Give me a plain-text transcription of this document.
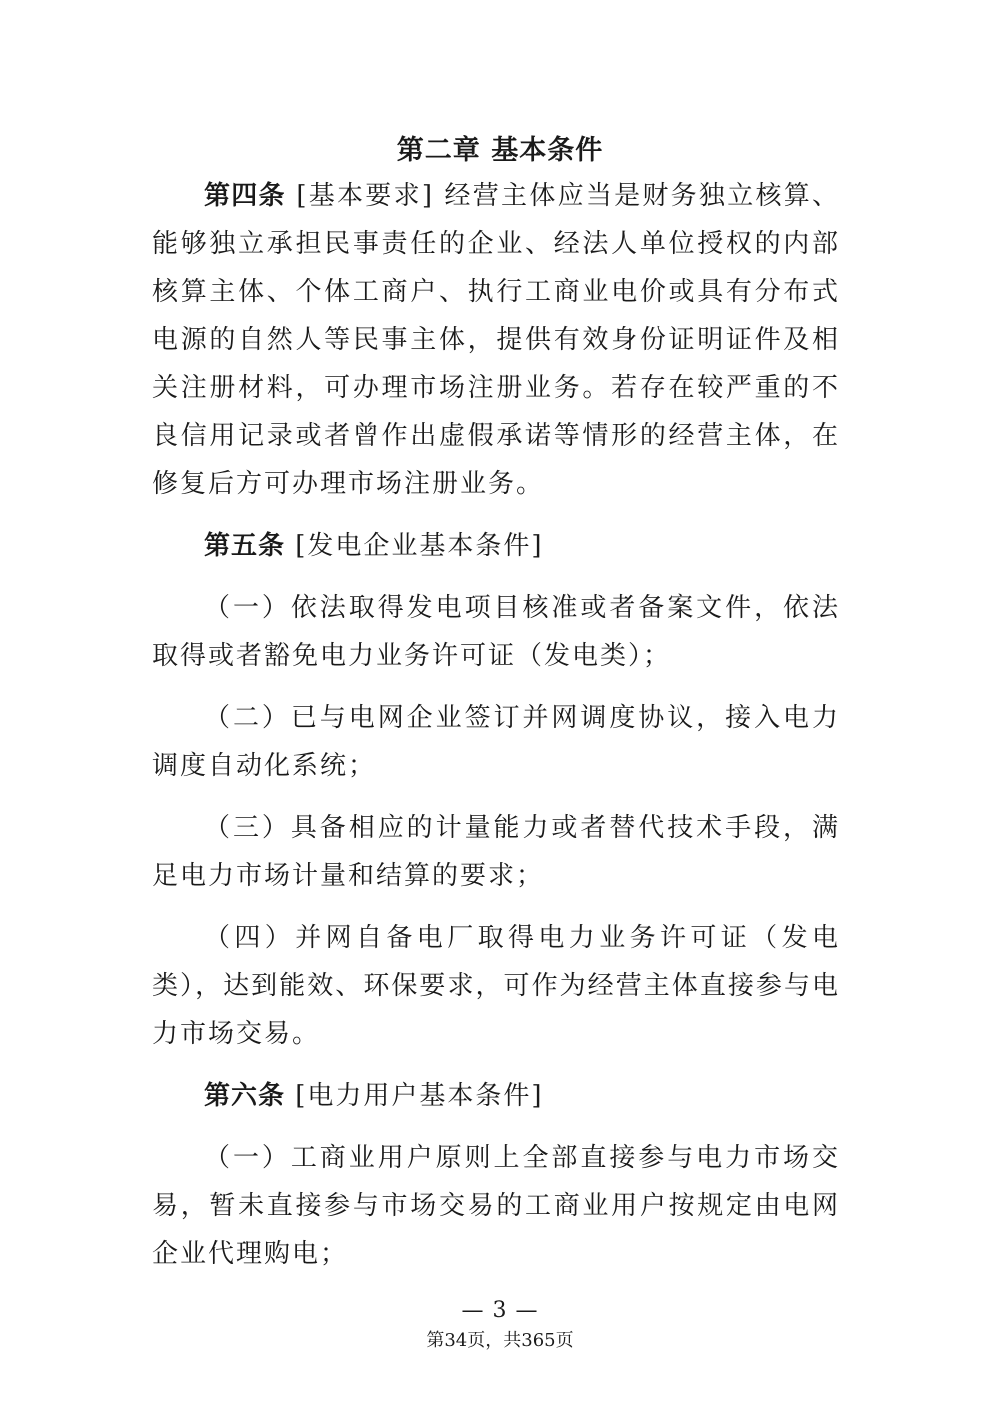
第二章 基本条件

第四条 [基本要求] 经营主体应当是财务独立核算、能够独立承担民事责任的企业、经法人单位授权的内部核算主体、个体工商户、执行工商业电价或具有分布式电源的自然人等民事主体，提供有效身份证明证件及相关注册材料，可办理市场注册业务。若存在较严重的不良信用记录或者曾作出虚假承诺等情形的经营主体，在修复后方可办理市场注册业务。

第五条 [发电企业基本条件]

（一）依法取得发电项目核准或者备案文件，依法取得或者豁免电力业务许可证（发电类）；

（二）已与电网企业签订并网调度协议，接入电力调度自动化系统；

（三）具备相应的计量能力或者替代技术手段，满足电力市场计量和结算的要求；

（四）并网自备电厂取得电力业务许可证（发电类），达到能效、环保要求，可作为经营主体直接参与电力市场交易。

第六条 [电力用户基本条件]

（一）工商业用户原则上全部直接参与电力市场交易，暂未直接参与市场交易的工商业用户按规定由电网企业代理购电；

— 3 —
第34页，共365页
